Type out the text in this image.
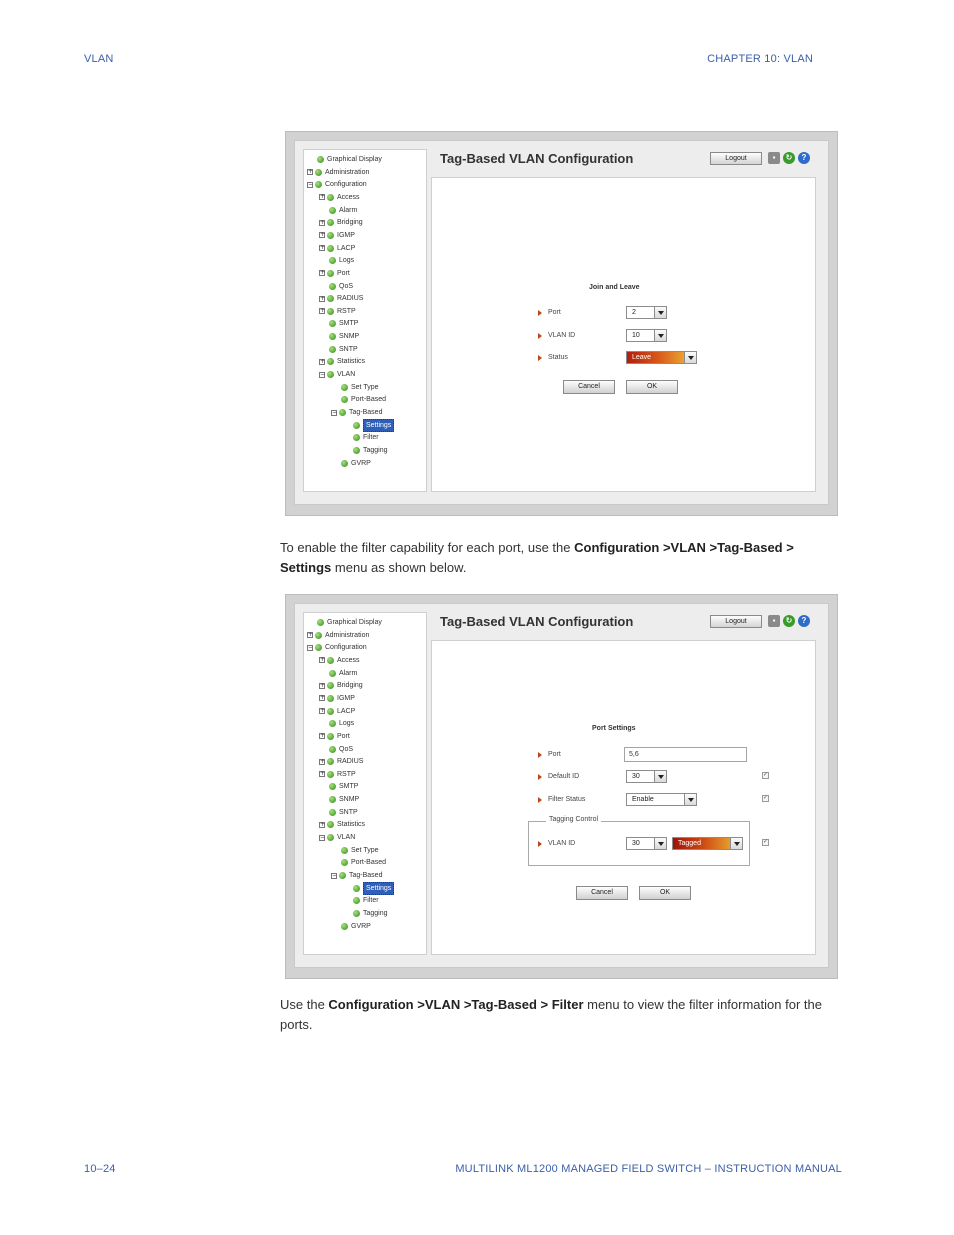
VLAN	CHAPTER 10: VLAN
Graphical Display
+ Administration
− Configuration
+ Access
Alarm
+ Bridging
+ IGMP
+ LACP
Logs
+ Port
QoS
+ RADIUS
+ RSTP
SMTP
SNMP
SNTP
+ Statistics
− VLAN
Set Type
Port-Based
− Tag-Based
Settings
Filter
Tagging
GVRP
Tag-Based VLAN Configuration	Logout	▪	↻	?
Join and Leave
Port	2
VLAN ID	10
Status	Leave
Cancel	OK
To enable the filter capability for each port, use the Configuration >VLAN >Tag-Based > Settings menu as shown below.
Graphical Display
+ Administration
− Configuration
+ Access
Alarm
+ Bridging
+ IGMP
+ LACP
Logs
+ Port
QoS
+ RADIUS
+ RSTP
SMTP
SNMP
SNTP
+ Statistics
− VLAN
Set Type
Port-Based
− Tag-Based
Settings
Filter
Tagging
GVRP
Tag-Based VLAN Configuration	Logout	▪	↻	?
Port Settings
Port	5,6
Default ID	30	✓
Filter Status	Enable	✓
Tagging Control
VLAN ID	30	Tagged	✓
Cancel	OK
Use the Configuration >VLAN >Tag-Based > Filter menu to view the filter information for the ports.
10–24	MULTILINK ML1200 MANAGED FIELD SWITCH – INSTRUCTION MANUAL
